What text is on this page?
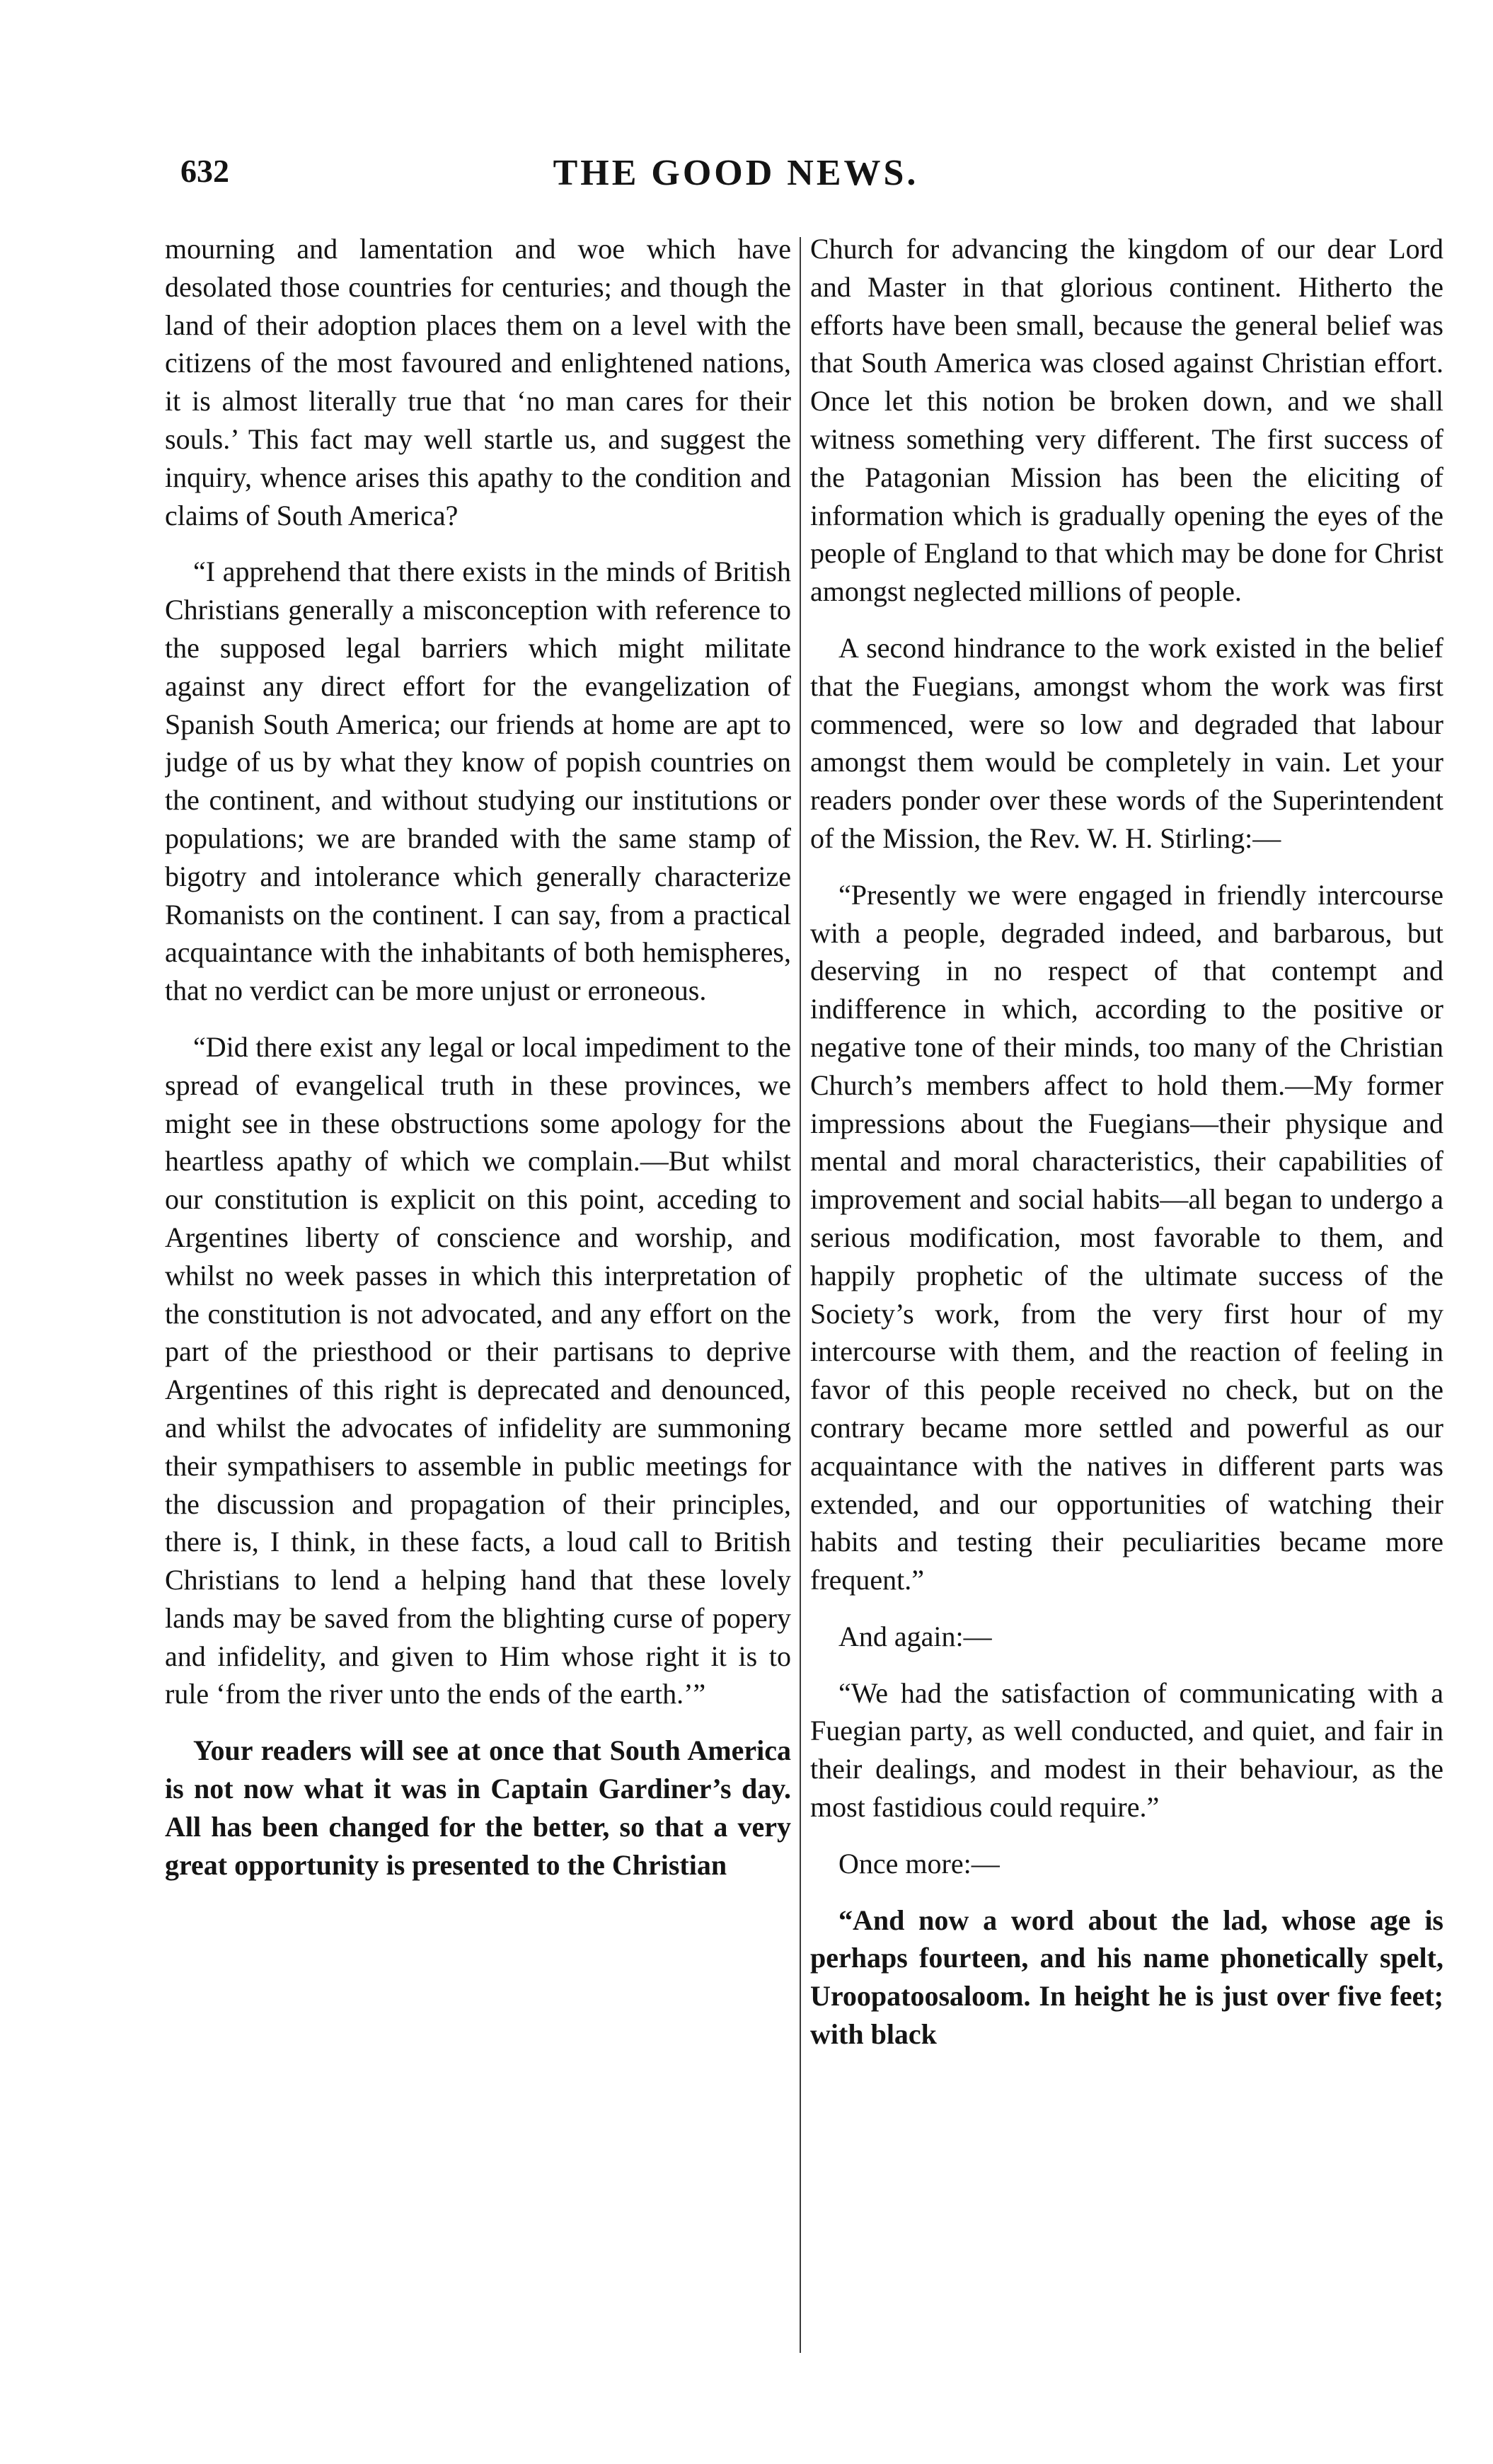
632	THE GOOD NEWS.

mourning and lamentation and woe which have desolated those countries for centuries; and though the land of their adoption places them on a level with the citizens of the most favoured and enlightened nations, it is almost literally true that ‘no man cares for their souls.’ This fact may well startle us, and suggest the inquiry, whence arises this apathy to the condition and claims of South America?

“I apprehend that there exists in the minds of British Christians generally a misconception with reference to the supposed legal barriers which might militate against any direct effort for the evangelization of Spanish South America; our friends at home are apt to judge of us by what they know of popish countries on the continent, and without studying our institutions or populations; we are branded with the same stamp of bigotry and intolerance which generally characterize Romanists on the continent. I can say, from a practical acquaintance with the inhabitants of both hemispheres, that no verdict can be more unjust or erroneous.

“Did there exist any legal or local impediment to the spread of evangelical truth in these provinces, we might see in these obstructions some apology for the heartless apathy of which we complain.—But whilst our constitution is explicit on this point, acceding to Argentines liberty of conscience and worship, and whilst no week passes in which this interpretation of the constitution is not advocated, and any effort on the part of the priesthood or their partisans to deprive Argentines of this right is deprecated and denounced, and whilst the advocates of infidelity are summoning their sympathisers to assemble in public meetings for the discussion and propagation of their principles, there is, I think, in these facts, a loud call to British Christians to lend a helping hand that these lovely lands may be saved from the blighting curse of popery and infidelity, and given to Him whose right it is to rule ‘from the river unto the ends of the earth.’”

Your readers will see at once that South America is not now what it was in Captain Gardiner’s day. All has been changed for the better, so that a very great opportunity is presented to the Christian

Church for advancing the kingdom of our dear Lord and Master in that glorious continent. Hitherto the efforts have been small, because the general belief was that South America was closed against Christian effort. Once let this notion be broken down, and we shall witness something very different. The first success of the Patagonian Mission has been the eliciting of information which is gradually opening the eyes of the people of England to that which may be done for Christ amongst neglected millions of people.

A second hindrance to the work existed in the belief that the Fuegians, amongst whom the work was first commenced, were so low and degraded that labour amongst them would be completely in vain. Let your readers ponder over these words of the Superintendent of the Mission, the Rev. W. H. Stirling:—

“Presently we were engaged in friendly intercourse with a people, degraded indeed, and barbarous, but deserving in no respect of that contempt and indifference in which, according to the positive or negative tone of their minds, too many of the Christian Church’s members affect to hold them.—My former impressions about the Fuegians—their physique and mental and moral characteristics, their capabilities of improvement and social habits—all began to undergo a serious modification, most favorable to them, and happily prophetic of the ultimate success of the Society’s work, from the very first hour of my intercourse with them, and the reaction of feeling in favor of this people received no check, but on the contrary became more settled and powerful as our acquaintance with the natives in different parts was extended, and our opportunities of watching their habits and testing their peculiarities became more frequent.”

And again:—

“We had the satisfaction of communicating with a Fuegian party, as well conducted, and quiet, and fair in their dealings, and modest in their behaviour, as the most fastidious could require.”

Once more:—

“And now a word about the lad, whose age is perhaps fourteen, and his name phonetically spelt, Uroopatoosaloom. In height he is just over five feet; with black
